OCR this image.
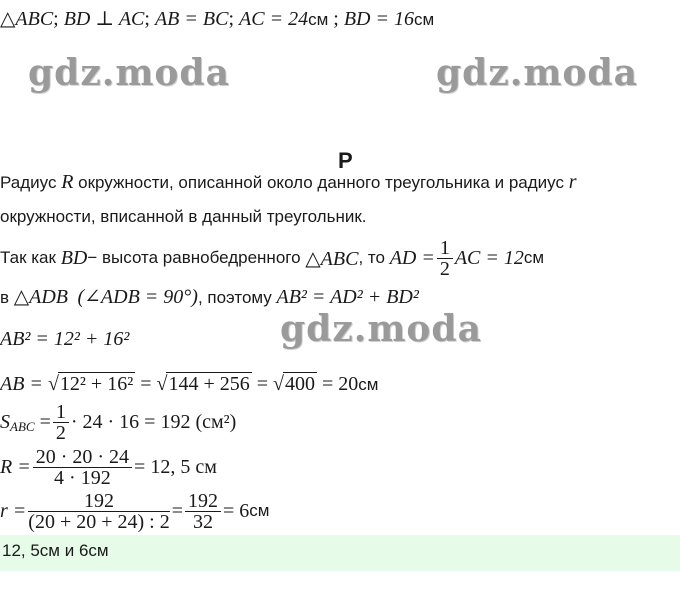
△ABC; BD ⊥ AC; AB = BC; AC = 24см ; BD = 16см
gdz.moda	gdz.moda
gdz.moda
Р
Радиус R окружности, описанной около данного треугольника и радиус r
окружности, вписанной в данный треугольник.
Так как
BD − высота равнобедренного
△ABC , то
AD = $\frac{1}{2}$ AC = 12 см
в △ADB (∠ADB = 90°), поэтому AB² = AD² + BD²
AB² = 12² + 16²
AB = √12² + 16² = √144 + 256 = √400 = 20см
$S_{ABC} = \frac{1}{2} \cdot 24 \cdot 16 = 192$ (см²)
$R = \frac{20 \cdot 20 \cdot 24}{4 \cdot 192} = 12$, 5 см
$r = \frac{192}{(20 + 20 + 24) : 2} = \frac{192}{32} = 6$ см
12, 5см и 6см
